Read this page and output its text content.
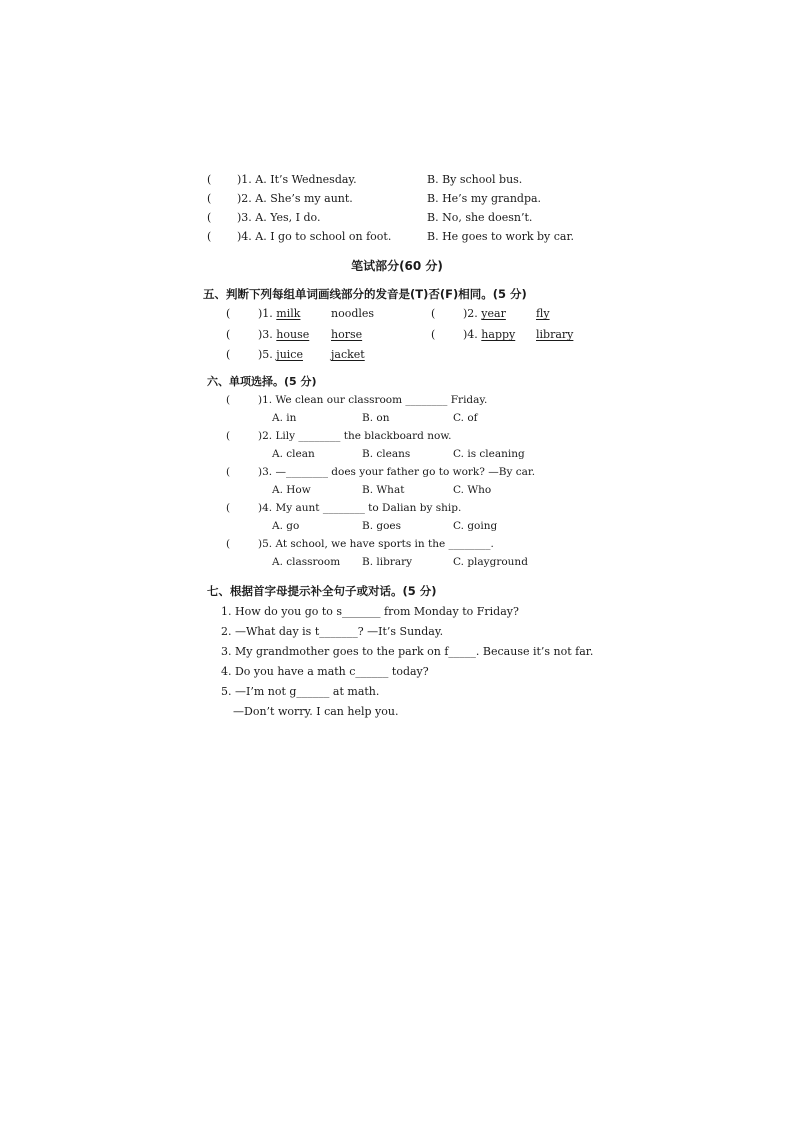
( )1. A. It’s Wednesday.	B. By school bus.
( )2. A. She’s my aunt.	B. He’s my grandpa.
( )3. A. Yes, I do.	B. No, she doesn’t.
( )4. A. I go to school on foot.	B. He goes to work by car.
笔试部分(60 分)
五、判断下列每组单词画线部分的发音是(T)否(F)相同。(5 分)
(	)1. milk	noodles	(	)2. year	fly
(	)3. house horse	(	)4. happy library
(	)5. juice	jacket
六、单项选择。(5 分)
(	)1. We clean our classroom ________ Friday.
A. in	B. on	C. of
(	)2. Lily ________ the blackboard now.
A. clean	B. cleans	C. is cleaning
(	)3. —________ does your father go to work? —By car.
A. How	B. What	C. Who
(	)4. My aunt ________ to Dalian by ship.
A. go	B. goes	C. going
(	)5. At school, we have sports in the ________.
A. classroom B. library	C. playground
七、根据首字母提示补全句子或对话。(5 分)
1. How do you go to s_______ from Monday to Friday?
2. —What day is t_______? —It’s Sunday.
3. My grandmother goes to the park on f_____. Because it’s not far.
4. Do you have a math c______ today?
5. —I’m not g______ at math.
—Don’t worry. I can help you.
